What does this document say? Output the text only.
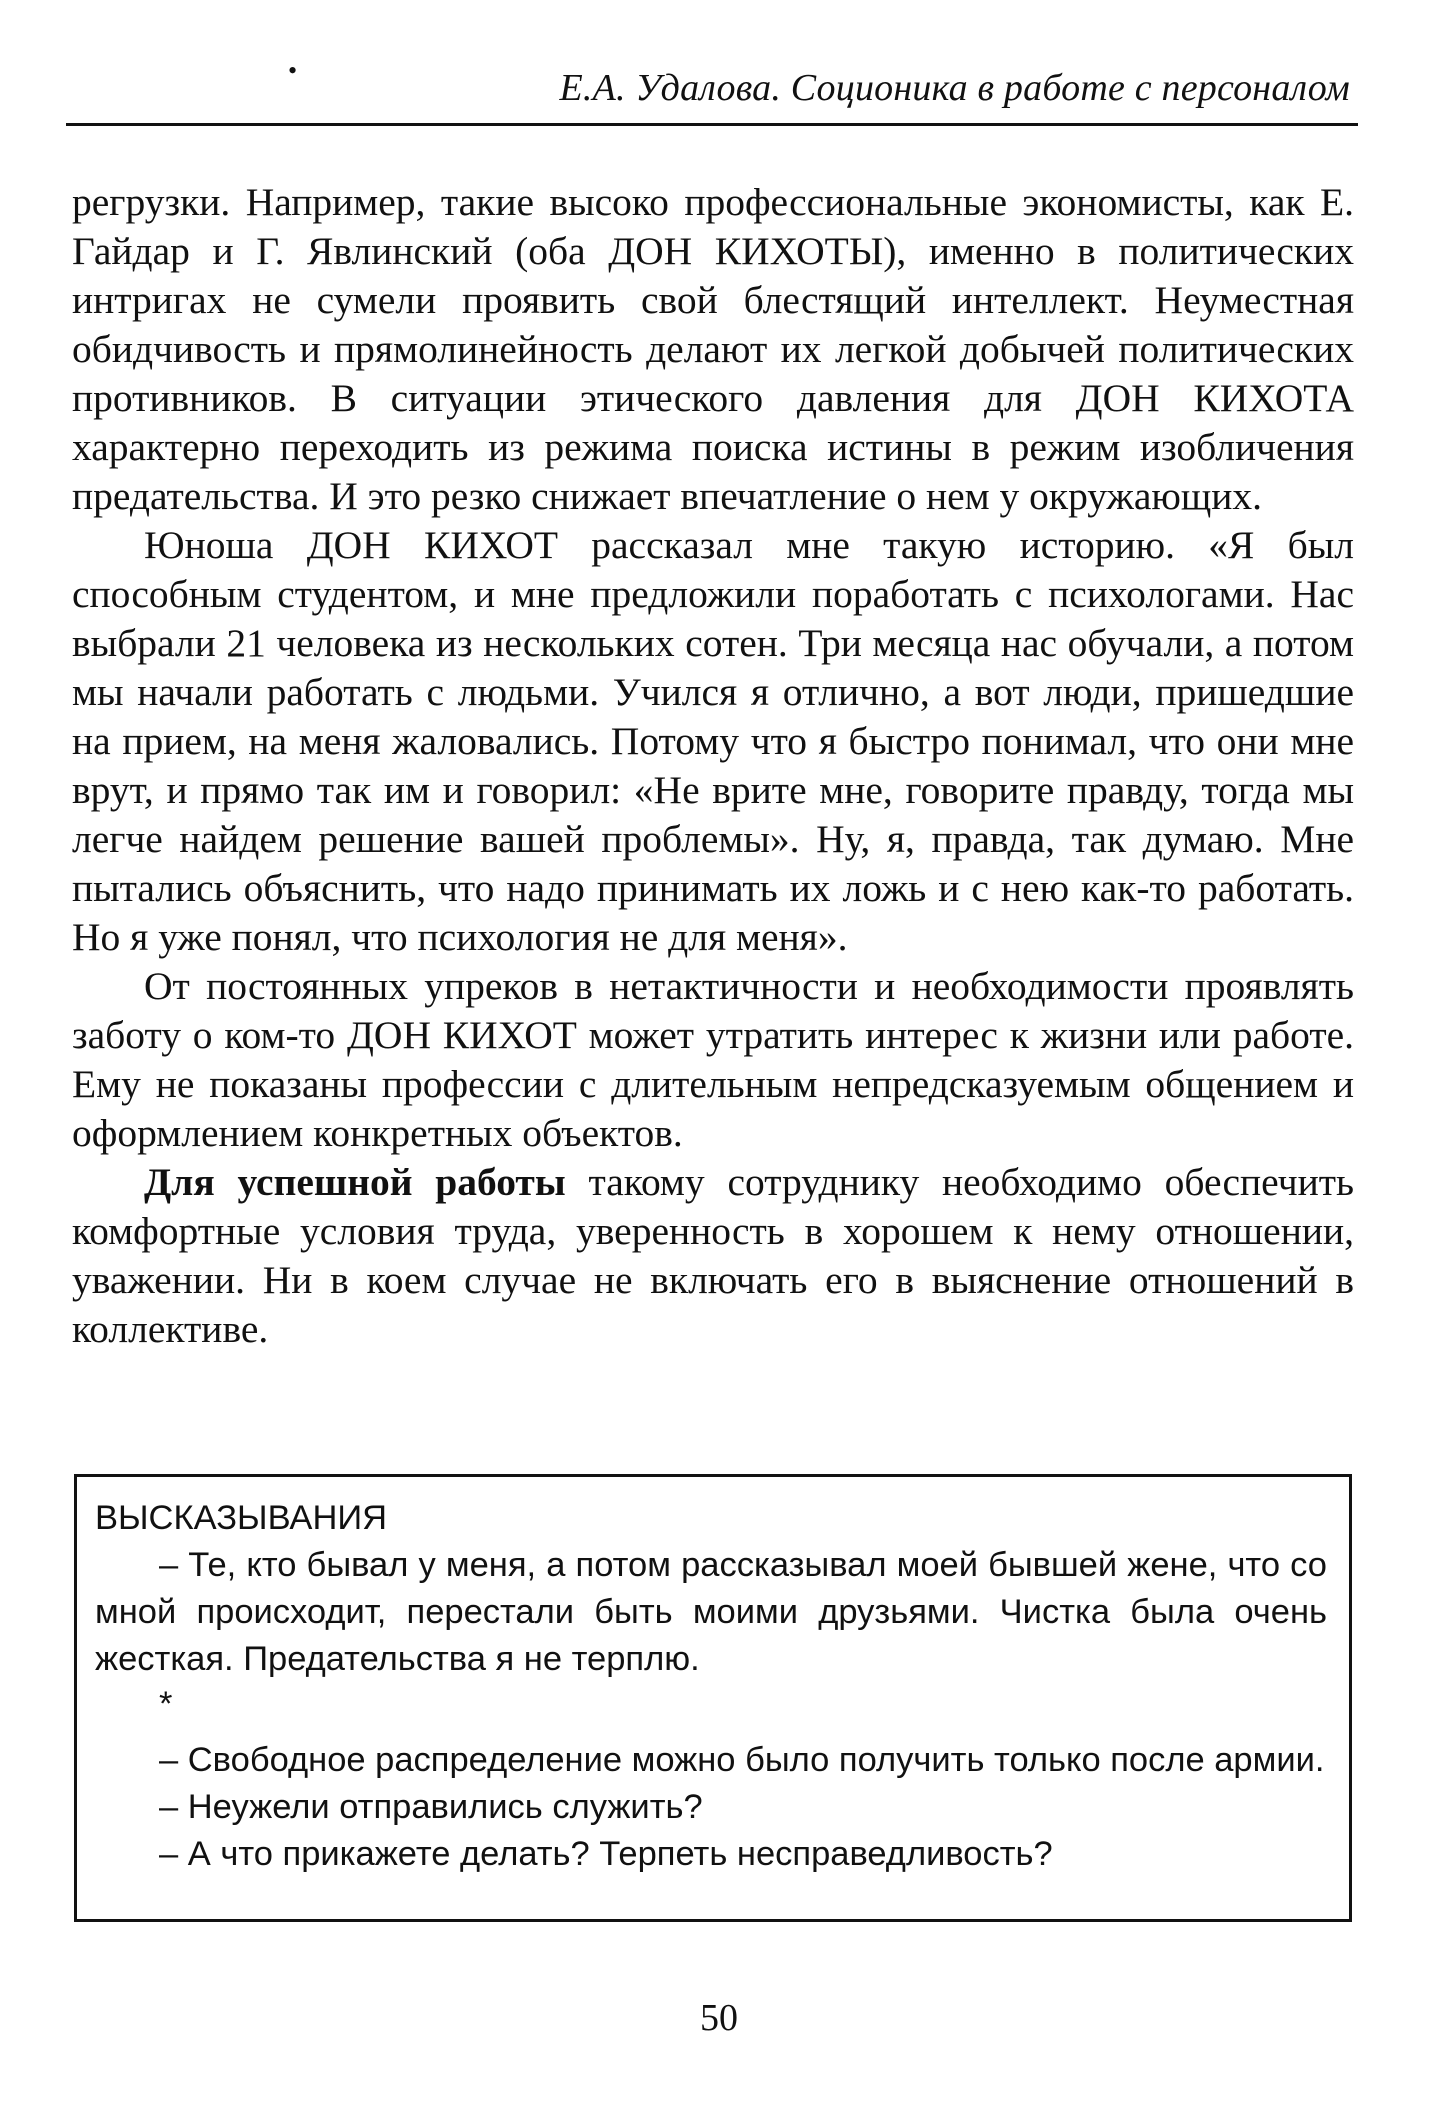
•	Е.А. Удалова. Соционика в работе с персоналом

регрузки. Например, такие высоко профессиональные экономисты, как Е. Гайдар и Г. Явлинский (оба ДОН КИХОТЫ), именно в политических интригах не сумели проявить свой блестящий интеллект. Неуместная обидчивость и прямолинейность делают их легкой добычей политических противников. В ситуации этического давления для ДОН КИХОТА характерно переходить из режима поиска истины в режим изобличения предательства. И это резко снижает впечатление о нем у окружающих.

Юноша ДОН КИХОТ рассказал мне такую историю. «Я был способным студентом, и мне предложили поработать с психологами. Нас выбрали 21 человека из нескольких сотен. Три месяца нас обучали, а потом мы начали работать с людьми. Учился я отлично, а вот люди, пришедшие на прием, на меня жаловались. Потому что я быстро понимал, что они мне врут, и прямо так им и говорил: «Не врите мне, говорите правду, тогда мы легче найдем решение вашей проблемы». Ну, я, правда, так думаю. Мне пытались объяснить, что надо принимать их ложь и с нею как-то работать. Но я уже понял, что психология не для меня».

От постоянных упреков в нетактичности и необходимости проявлять заботу о ком-то ДОН КИХОТ может утратить интерес к жизни или работе. Ему не показаны профессии с длительным непредсказуемым общением и оформлением конкретных объектов.

Для успешной работы такому сотруднику необходимо обеспечить комфортные условия труда, уверенность в хорошем к нему отношении, уважении. Ни в коем случае не включать его в выяснение отношений в коллективе.

ВЫСКАЗЫВАНИЯ

– Те, кто бывал у меня, а потом рассказывал моей бывшей жене, что со мной происходит, перестали быть моими друзьями. Чистка была очень жесткая. Предательства я не терплю.

*

– Свободное распределение можно было получить только после армии.

– Неужели отправились служить?

– А что прикажете делать? Терпеть несправедливость?

50
